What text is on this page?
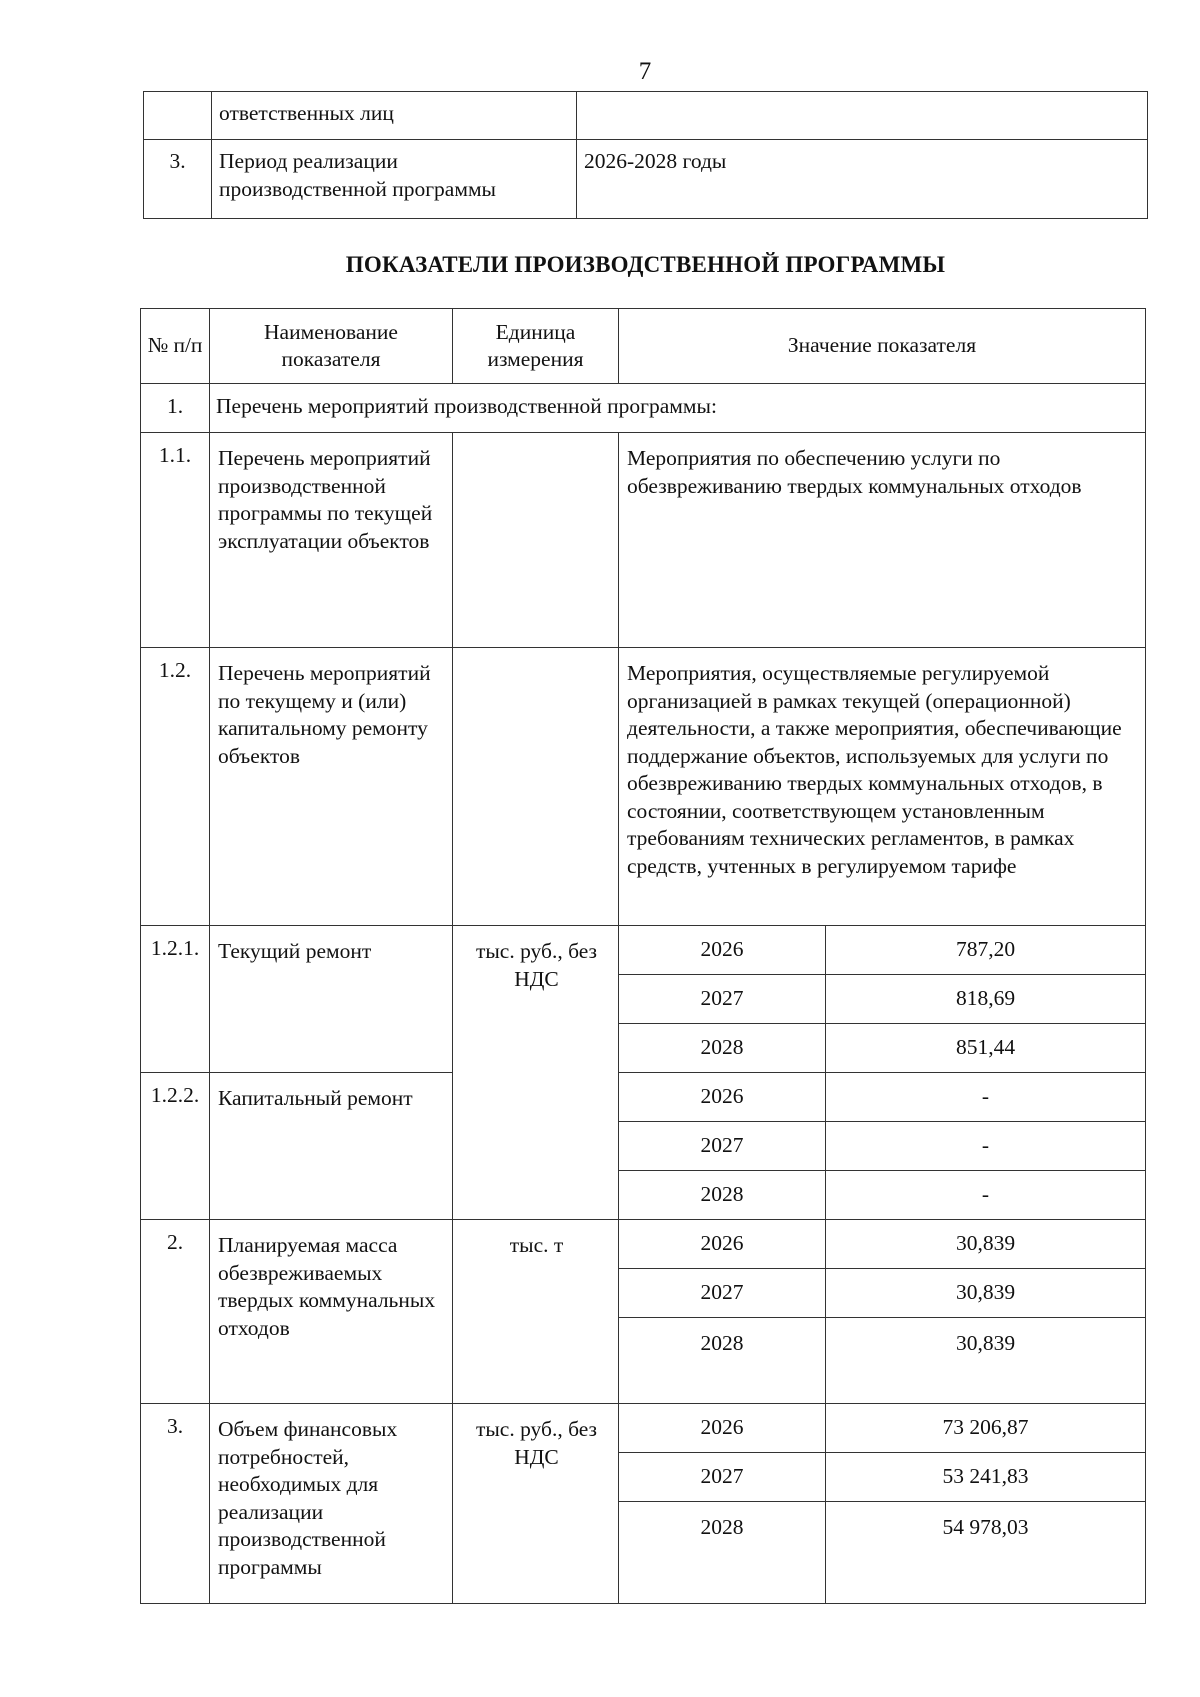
7
	ответственных лиц	
3.	Период реализации производственной программы	2026-2028 годы
ПОКАЗАТЕЛИ ПРОИЗВОДСТВЕННОЙ ПРОГРАММЫ
№ п/п	Наименование показателя	Единица измерения	Значение показателя	
1.	Перечень мероприятий производственной программы:			
1.1.	Перечень мероприятий производственной программы по текущей эксплуатации объектов		Мероприятия по обеспечению услуги по обезвреживанию твердых коммунальных отходов	
1.2.	Перечень мероприятий по текущему и (или) капитальному ремонту объектов		Мероприятия, осуществляемые регулируемой организацией в рамках текущей (операционной) деятельности, а также мероприятия, обеспечивающие поддержание объектов, используемых для услуги по обезвреживанию твердых коммунальных отходов, в состоянии, соответствующем установленным требованиям технических регламентов, в рамках средств, учтенных в регулируемом тарифе	
1.2.1.	Текущий ремонт	тыс. руб., без НДС	2026	787,20
			2027	818,69
			2028	851,44
1.2.2.	Капитальный ремонт		2026	-
			2027	-
			2028	-
2.	Планируемая масса обезвреживаемых твердых коммунальных отходов	тыс. т	2026	30,839
			2027	30,839
			2028	30,839
3.	Объем финансовых потребностей, необходимых для реализации производственной программы	тыс. руб., без НДС	2026	73 206,87
			2027	53 241,83
			2028	54 978,03
